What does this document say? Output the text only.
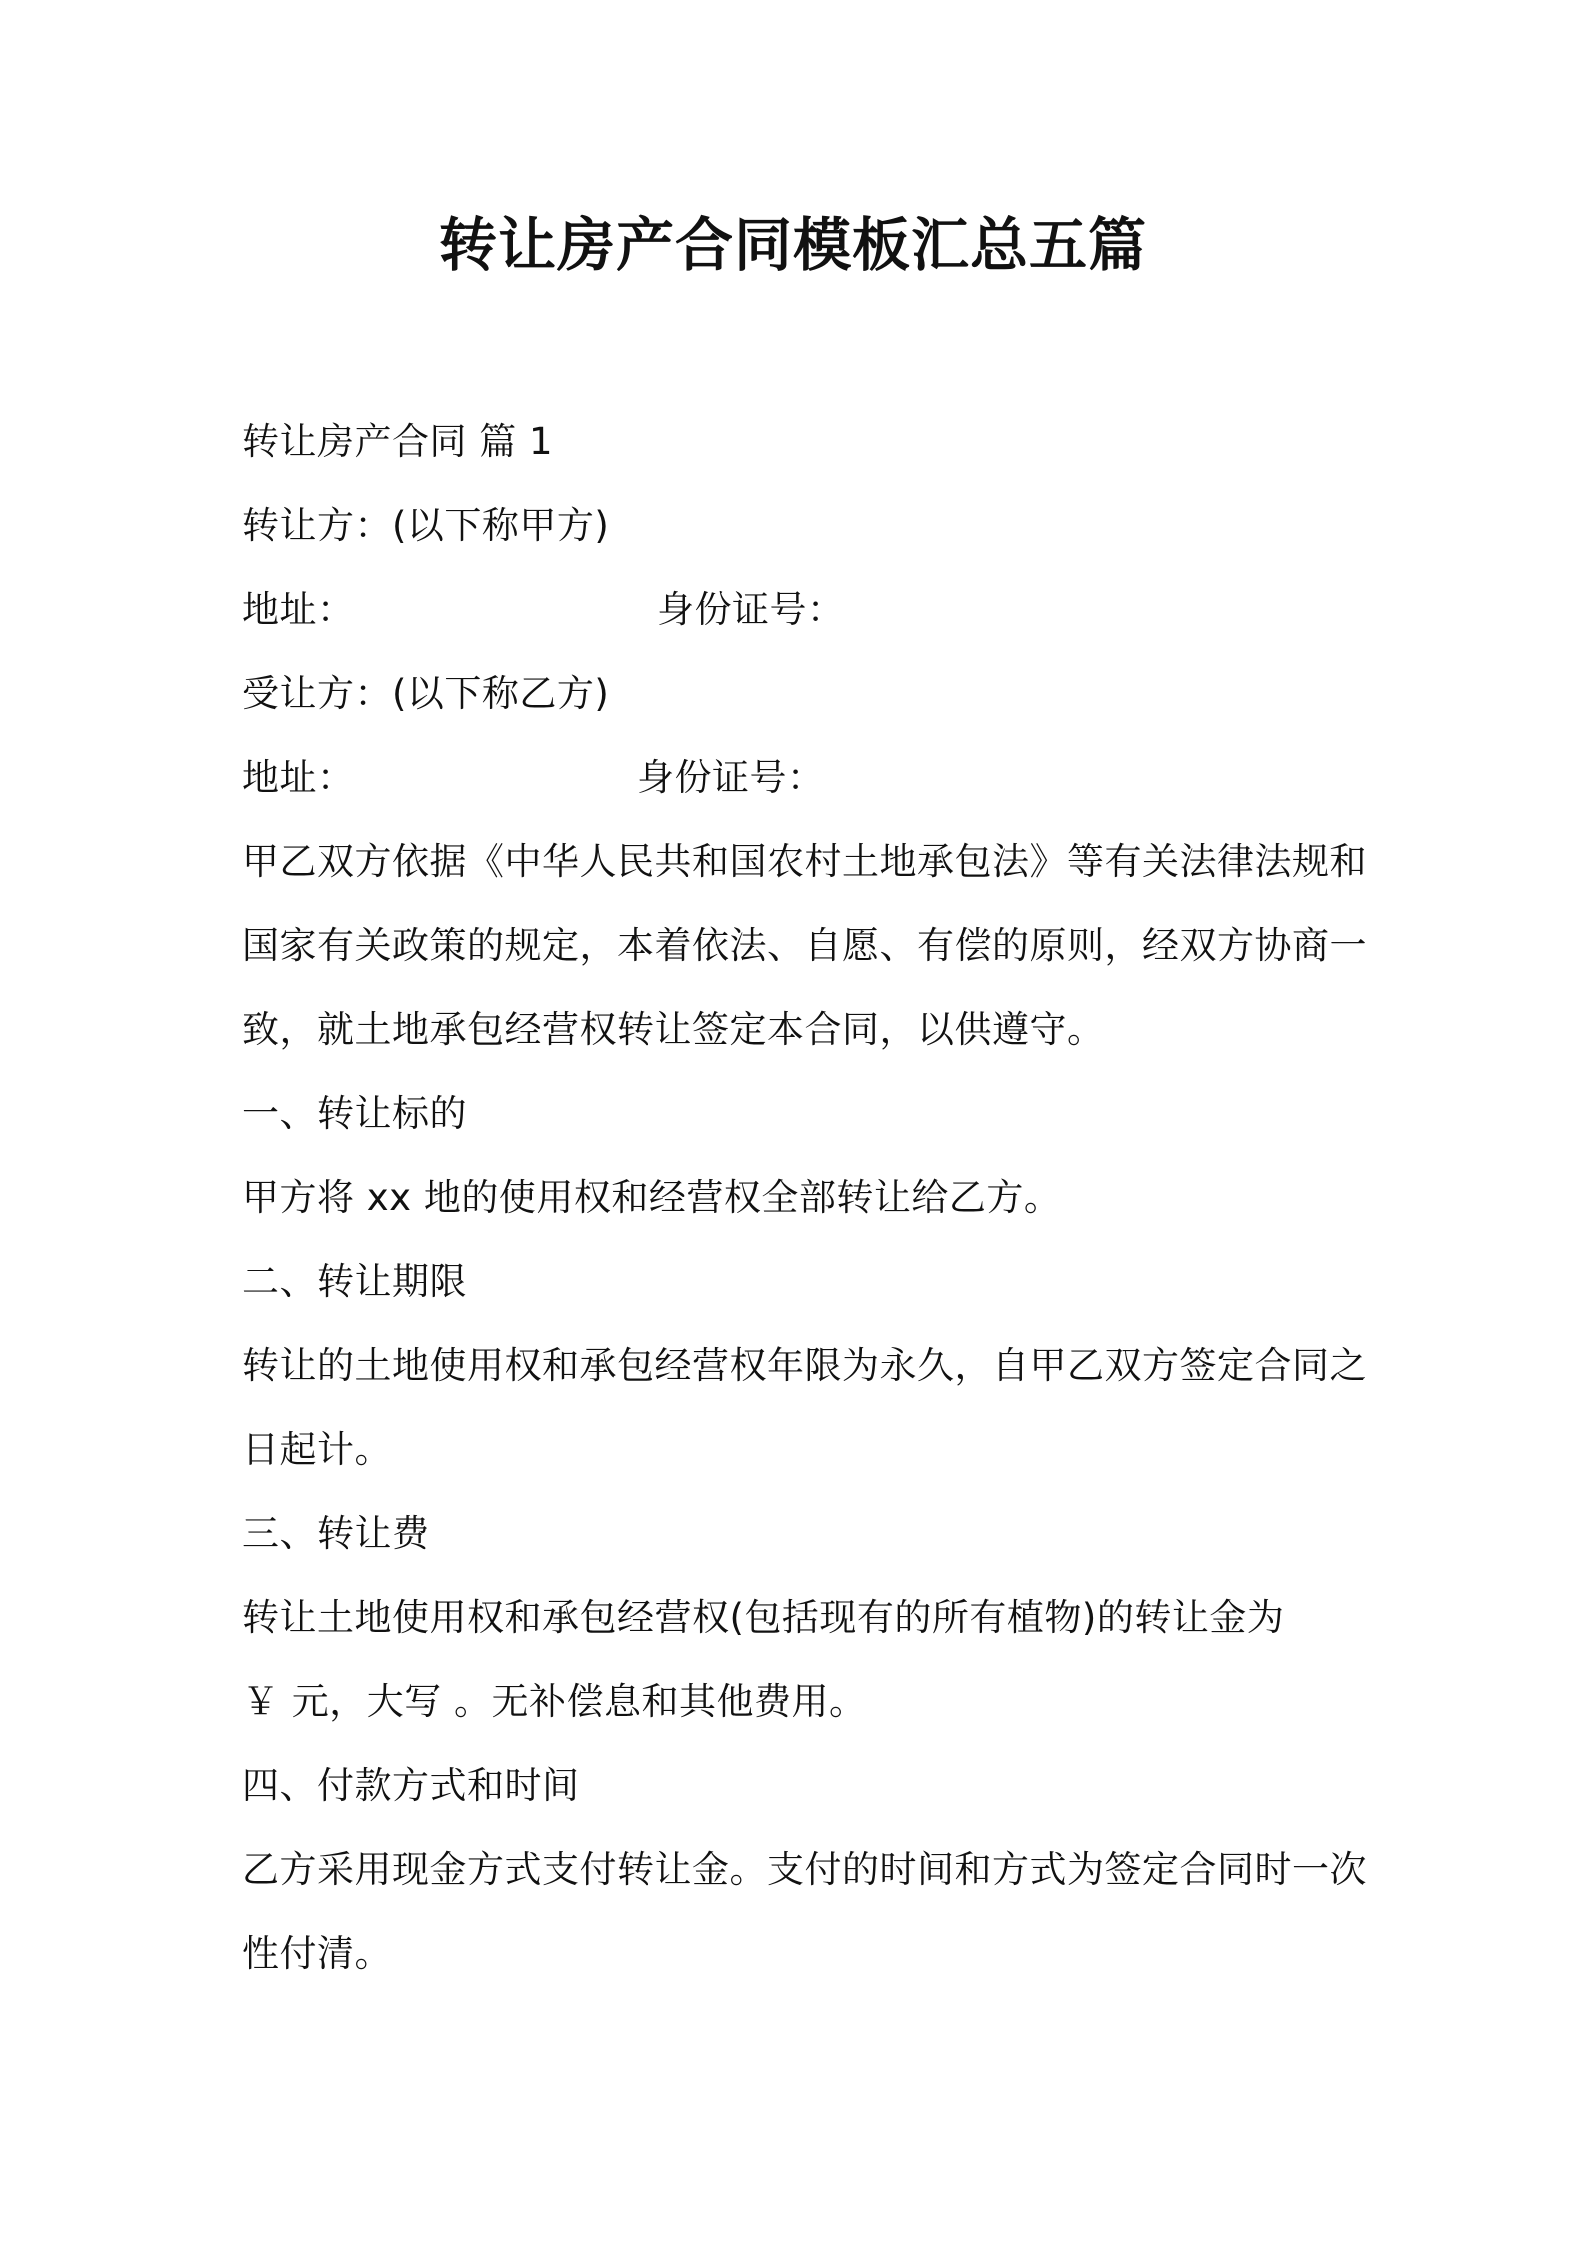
转让房产合同模板汇总五篇
转让房产合同 篇 1
转让方：(以下称甲方)
地址：	身份证号：
受让方：(以下称乙方)
地址：	身份证号：
甲乙双方依据《中华人民共和国农村土地承包法》等有关法律法规和
国家有关政策的规定，本着依法、自愿、有偿的原则，经双方协商一
致，就土地承包经营权转让签定本合同，以供遵守。
一、转让标的
甲方将 xx 地的使用权和经营权全部转让给乙方。
二、转让期限
转让的土地使用权和承包经营权年限为永久，自甲乙双方签定合同之
日起计。
三、转让费
转让土地使用权和承包经营权(包括现有的所有植物)的转让金为
￥ 元，大写 。无补偿息和其他费用。
四、付款方式和时间
乙方采用现金方式支付转让金。支付的时间和方式为签定合同时一次
性付清。
